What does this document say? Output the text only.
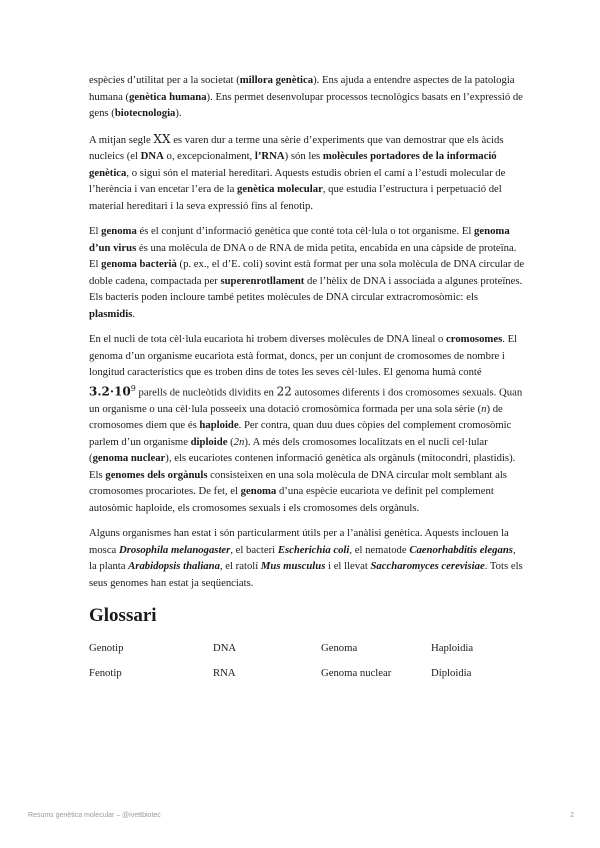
espècies d’utilitat per a la societat (millora genètica). Ens ajuda a entendre aspectes de la patologia humana (genètica humana). Ens permet desenvolupar processos tecnològics basats en l’expressió de gens (biotecnologia).

A mitjan segle XX es varen dur a terme una sèrie d’experiments que van demostrar que els àcids nucleics (el DNA o, excepcionalment, l’RNA) són les molècules portadores de la informació genètica, o sigui són el material hereditari. Aquests estudis obrien el camí a l’estudi molecular de l’herència i van encetar l’era de la genètica molecular, que estudia l’estructura i perpetuació del material hereditari i la seva expressió fins al fenotip.

El genoma és el conjunt d’informació genètica que conté tota cèl·lula o tot organisme. El genoma d’un virus és una molècula de DNA o de RNA de mida petita, encabida en una càpside de proteïna. El genoma bacterià (p. ex., el d’E. coli) sovint està format per una sola molècula de DNA circular de doble cadena, compactada per superenrotllament de l’hèlix de DNA i associada a algunes proteïnes. Els bacteris poden incloure també petites molècules de DNA circular extracromosòmic: els plasmidis.

En el nucli de tota cèl·lula eucariota hi trobem diverses molècules de DNA lineal o cromosomes. El genoma d’un organisme eucariota està format, doncs, per un conjunt de cromosomes de nombre i longitud característics que es troben dins de totes les seves cèl·lules. El genoma humà conté $3.2\cdot 10^9$ parells de nucleòtids dividits en 22 autosomes diferents i dos cromosomes sexuals. Quan un organisme o una cèl·lula posseeix una dotació cromosòmica formada per una sola sèrie (n) de cromosomes diem que és haploide. Per contra, quan duu dues còpies del complement cromosòmic parlem d’un organisme diploide (2n). A més dels cromosomes localitzats en el nucli cel·lular (genoma nuclear), els eucariotes contenen informació genètica als orgànuls (mitocondri, plastidis). Els genomes dels orgànuls consisteixen en una sola molècula de DNA circular molt semblant als cromosomes procariotes. De fet, el genoma d’una espècie eucariota ve definit pel complement autosòmic haploide, els cromosomes sexuals i els cromosomes dels orgànuls.

Alguns organismes han estat i són particularment útils per a l’anàlisi genètica. Aquests inclouen la mosca Drosophila melanogaster, el bacteri Escherichia coli, el nematode Caenorhabditis elegans, la planta Arabidopsis thaliana, el ratolí Mus musculus i el llevat Saccharomyces cerevisiae. Tots els seus genomes han estat ja seqüenciats.

Glossari
Genotip	DNA	Genoma	Haploidia
Fenotip	RNA	Genoma nuclear	Diploidia
Resums genètica molecular – @ivettbiotec	2
